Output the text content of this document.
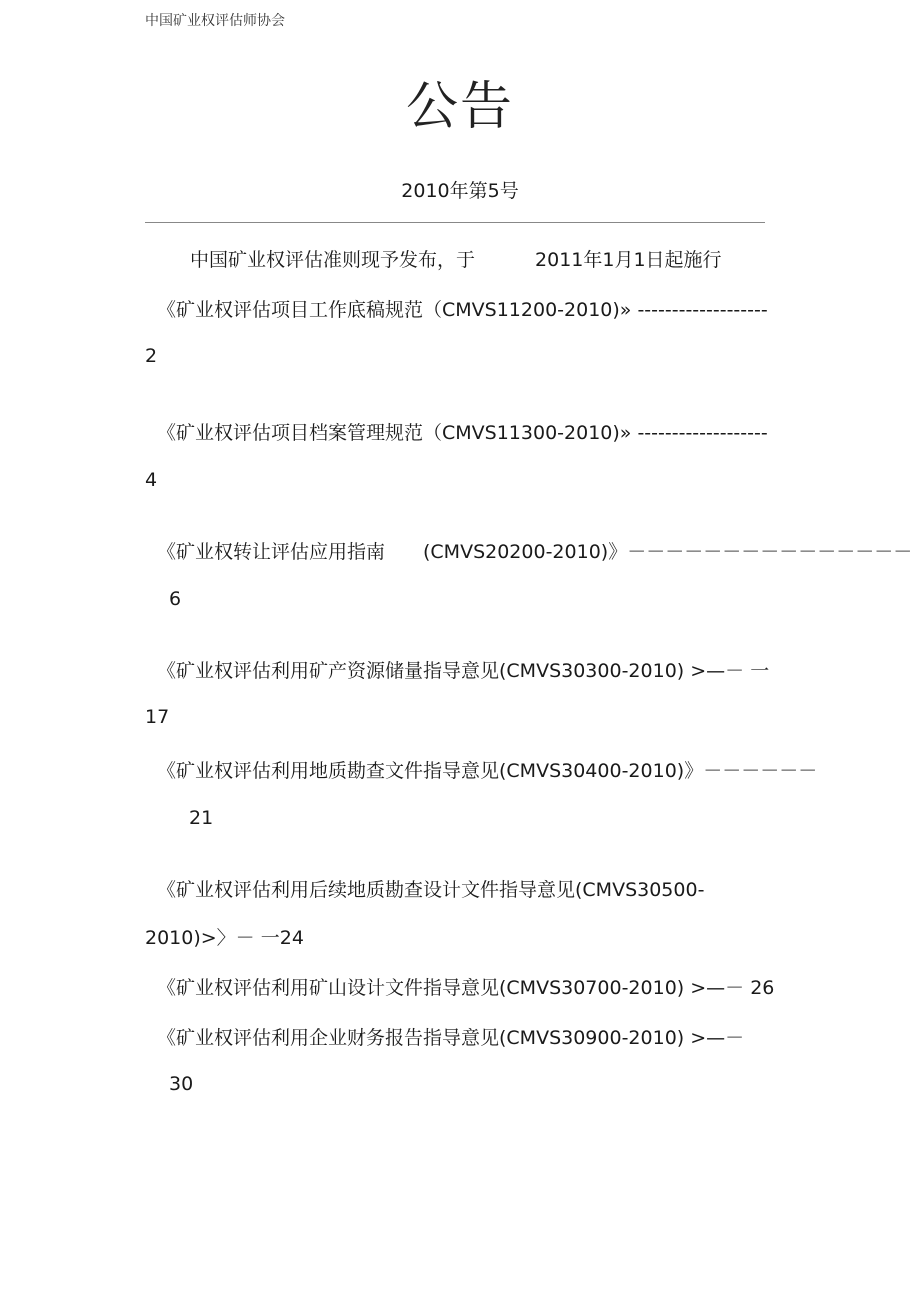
中国矿业权评估师协会
公告
2010年第5号
中国矿业权评估准则现予发布，于	2011年1月1日起施行
《矿业权评估项目工作底稿规范（CMVS11200-2010)» -------------------
2
《矿业权评估项目档案管理规范（CMVS11300-2010)» -------------------
4
《矿业权转让评估应用指南　　(CMVS20200-2010)》－－－－－－－－－－－－－－－
6
《矿业权评估利用矿产资源储量指导意见(CMVS30300-2010) >—－ 一
17
《矿业权评估利用地质勘查文件指导意见(CMVS30400-2010)》－－－－－－
21
《矿业权评估利用后续地质勘查设计文件指导意见(CMVS30500-
2010)>〉－ 一24
《矿业权评估利用矿山设计文件指导意见(CMVS30700-2010) >—－ 26
《矿业权评估利用企业财务报告指导意见(CMVS30900-2010) >—－
30
